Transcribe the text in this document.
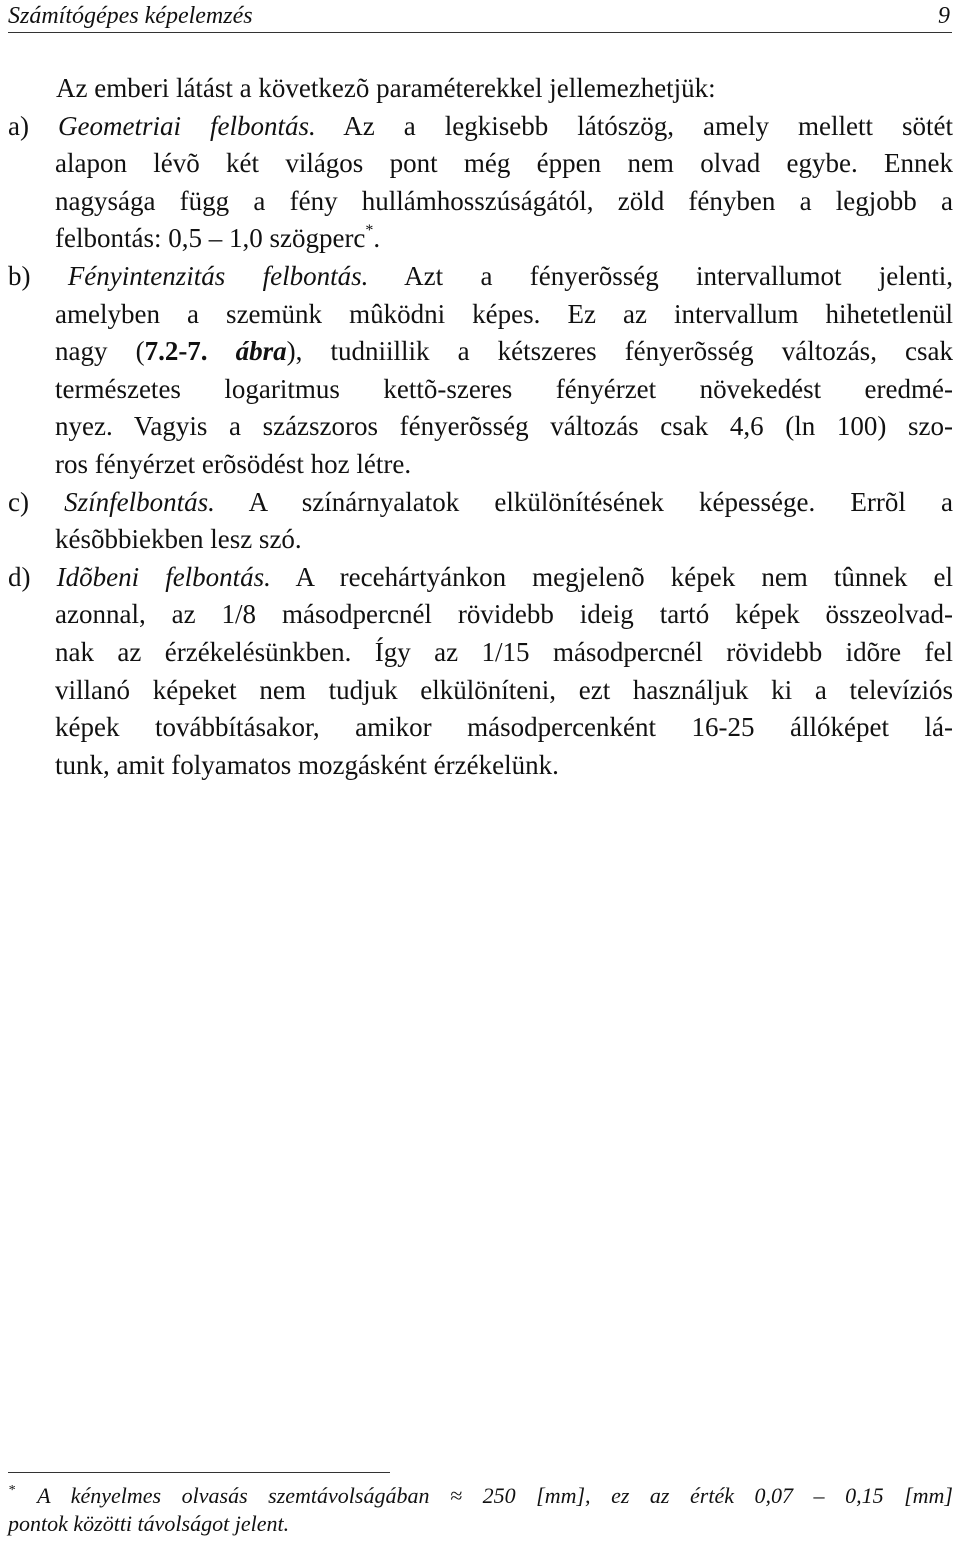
Számítógépes képelemzés	9
Az emberi látást a következõ paraméterekkel jellemezhetjük:
a) Geometriai felbontás. Az a legkisebb látószög, amely mellett sötét
alapon lévõ két világos pont még éppen nem olvad egybe. Ennek
nagysága függ a fény hullámhosszúságától, zöld fényben a legjobb a
felbontás: 0,5 – 1,0 szögperc*.
b) Fényintenzitás felbontás. Azt a fényerõsség intervallumot jelenti,
amelyben a szemünk mûködni képes. Ez az intervallum hihetetlenül
nagy (7.2-7. ábra), tudniillik a kétszeres fényerõsség változás, csak
természetes logaritmus kettõ-szeres fényérzet növekedést eredmé-
nyez. Vagyis a százszoros fényerõsség változás csak 4,6 (ln 100) szo-
ros fényérzet erõsödést hoz létre.
c) Színfelbontás. A színárnyalatok elkülönítésének képessége. Errõl a
késõbbiekben lesz szó.
d) Idõbeni felbontás. A recehártyánkon megjelenõ képek nem tûnnek el
azonnal, az 1/8 másodpercnél rövidebb ideig tartó képek összeolvad-
nak az érzékelésünkben. Így az 1/15 másodpercnél rövidebb idõre fel
villanó képeket nem tudjuk elkülöníteni, ezt használjuk ki a televíziós
képek továbbításakor, amikor másodpercenként 16-25 állóképet lá-
tunk, amit folyamatos mozgásként érzékelünk.
* A kényelmes olvasás szemtávolságában ≈ 250 [mm], ez az érték 0,07 – 0,15 [mm]
pontok közötti távolságot jelent.
